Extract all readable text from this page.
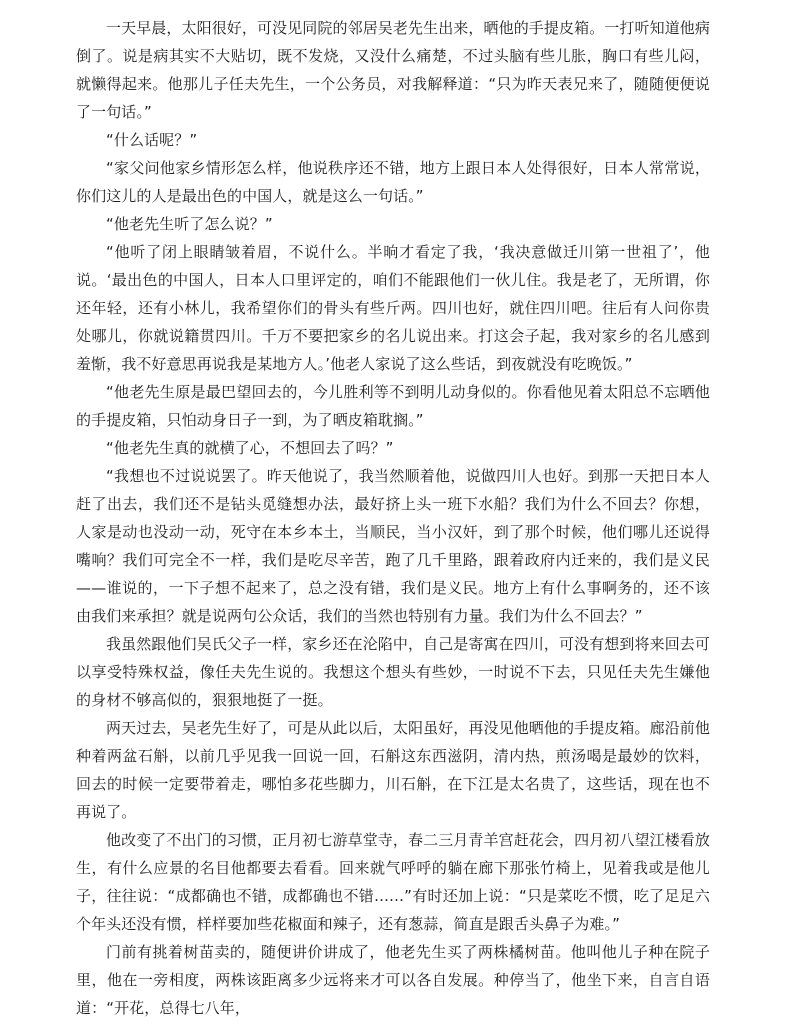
一天早晨，太阳很好，可没见同院的邻居吴老先生出来，晒他的手提皮箱。一打听知道他病倒了。说是病其实不大贴切，既不发烧，又没什么痛楚，不过头脑有些儿胀，胸口有些儿闷，就懒得起来。他那儿子任夫先生，一个公务员，对我解释道：“只为昨天表兄来了，随随便便说了一句话。”

“什么话呢？”

“家父问他家乡情形怎么样，他说秩序还不错，地方上跟日本人处得很好，日本人常常说，你们这儿的人是最出色的中国人，就是这么一句话。”

“他老先生听了怎么说？”

“他听了闭上眼睛皱着眉，不说什么。半晌才看定了我，‘我决意做迁川第一世祖了’，他说。‘最出色的中国人，日本人口里评定的，咱们不能跟他们一伙儿住。我是老了，无所谓，你还年轻，还有小林儿，我希望你们的骨头有些斤两。四川也好，就住四川吧。往后有人问你贵处哪儿，你就说籍贯四川。千万不要把家乡的名儿说出来。打这会子起，我对家乡的名儿感到羞惭，我不好意思再说我是某地方人。’他老人家说了这么些话，到夜就没有吃晚饭。”

“他老先生原是最巴望回去的，今儿胜利等不到明儿动身似的。你看他见着太阳总不忘晒他的手提皮箱，只怕动身日子一到，为了晒皮箱耽搁。”

“他老先生真的就横了心，不想回去了吗？”

“我想也不过说说罢了。昨天他说了，我当然顺着他，说做四川人也好。到那一天把日本人赶了出去，我们还不是钻头觅缝想办法，最好挤上头一班下水船？我们为什么不回去？你想，人家是动也没动一动，死守在本乡本土，当顺民，当小汉奸，到了那个时候，他们哪儿还说得嘴响？我们可完全不一样，我们是吃尽辛苦，跑了几千里路，跟着政府内迁来的，我们是义民——谁说的，一下子想不起来了，总之没有错，我们是义民。地方上有什么事啊务的，还不该由我们来承担？就是说两句公众话，我们的当然也特别有力量。我们为什么不回去？”

我虽然跟他们吴氏父子一样，家乡还在沦陷中，自己是寄寓在四川，可没有想到将来回去可以享受特殊权益，像任夫先生说的。我想这个想头有些妙，一时说不下去，只见任夫先生嫌他的身材不够高似的，狠狠地挺了一挺。

两天过去，吴老先生好了，可是从此以后，太阳虽好，再没见他晒他的手提皮箱。廊沿前他种着两盆石斛，以前几乎见我一回说一回，石斛这东西滋阴，清内热，煎汤喝是最妙的饮料，回去的时候一定要带着走，哪怕多花些脚力，川石斛，在下江是太名贵了，这些话，现在也不再说了。

他改变了不出门的习惯，正月初七游草堂寺，春二三月青羊宫赶花会，四月初八望江楼看放生，有什么应景的名目他都要去看看。回来就气呼呼的躺在廊下那张竹椅上，见着我或是他儿子，往往说：“成都确也不错，成都确也不错……”有时还加上说：“只是菜吃不惯，吃了足足六个年头还没有惯，样样要加些花椒面和辣子，还有葱蒜，简直是跟舌头鼻子为难。”

门前有挑着树苗卖的，随便讲价讲成了，他老先生买了两株橘树苗。他叫他儿子种在院子里，他在一旁相度，两株该距离多少远将来才可以各自发展。种停当了，他坐下来，自言自语道：“开花，总得七八年，
